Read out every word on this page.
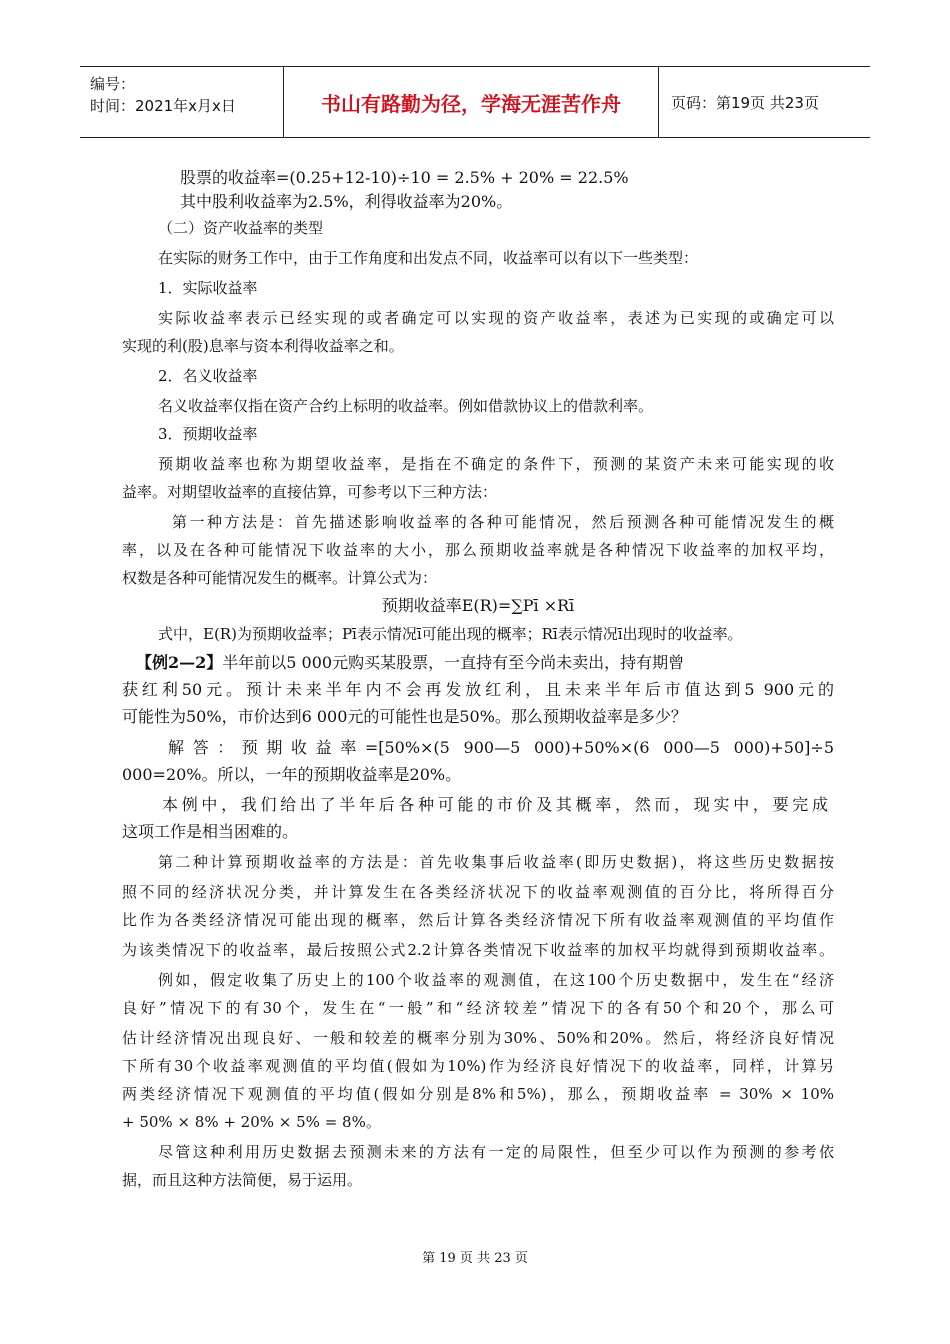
编号：
时间：2021年x月x日	书山有路勤为径，学海无涯苦作舟	页码：第19页 共23页
股票的收益率=(0.25+12-10)÷10 = 2.5% + 20% = 22.5%
其中股利收益率为2.5%，利得收益率为20%。
（二）资产收益率的类型
在实际的财务工作中，由于工作角度和出发点不同，收益率可以有以下一些类型：
1．实际收益率
实际收益率表示已经实现的或者确定可以实现的资产收益率，表述为已实现的或确定可以
实现的利(股)息率与资本利得收益率之和。
2．名义收益率
名义收益率仅指在资产合约上标明的收益率。例如借款协议上的借款利率。
3．预期收益率
预期收益率也称为期望收益率，是指在不确定的条件下，预测的某资产未来可能实现的收
益率。对期望收益率的直接估算，可参考以下三种方法：
第一种方法是：首先描述影响收益率的各种可能情况，然后预测各种可能情况发生的概
率，以及在各种可能情况下收益率的大小，那么预期收益率就是各种情况下收益率的加权平均，
权数是各种可能情况发生的概率。计算公式为：
预期收益率E(R)=∑Pī ×Rī
式中，E(R)为预期收益率；Pī表示情况ī可能出现的概率；Rī表示情况ī出现时的收益率。
【例2—2】半年前以5 000元购买某股票，一直持有至今尚未卖出，持有期曾
获红利50元。预计未来半年内不会再发放红利，且未来半年后市值达到5 900元的
可能性为50%，市价达到6 000元的可能性也是50%。那么预期收益率是多少？
解答：预期收益率=[50%×(5 900—5 000)+50%×(6 000—5 000)+50]÷5
000=20%。所以，一年的预期收益率是20%。
本例中，我们给出了半年后各种可能的市价及其概率，然而，现实中，要完成
这项工作是相当困难的。
第二种计算预期收益率的方法是：首先收集事后收益率(即历史数据)，将这些历史数据按
照不同的经济状况分类，并计算发生在各类经济状况下的收益率观测值的百分比，将所得百分
比作为各类经济情况可能出现的概率，然后计算各类经济情况下所有收益率观测值的平均值作
为该类情况下的收益率，最后按照公式2.2计算各类情况下收益率的加权平均就得到预期收益率。
例如，假定收集了历史上的100个收益率的观测值，在这100个历史数据中，发生在“经济
良好”情况下的有30个，发生在“一般”和“经济较差”情况下的各有50个和20个，那么可
估计经济情况出现良好、一般和较差的概率分别为30%、50%和20%。然后，将经济良好情况
下所有30个收益率观测值的平均值(假如为10%)作为经济良好情况下的收益率，同样，计算另
两类经济情况下观测值的平均值(假如分别是8%和5%)，那么，预期收益率 = 30% × 10%
+ 50% × 8% + 20% × 5% = 8%。
尽管这种利用历史数据去预测未来的方法有一定的局限性，但至少可以作为预测的参考依
据，而且这种方法简便，易于运用。
第 19 页 共 23 页
